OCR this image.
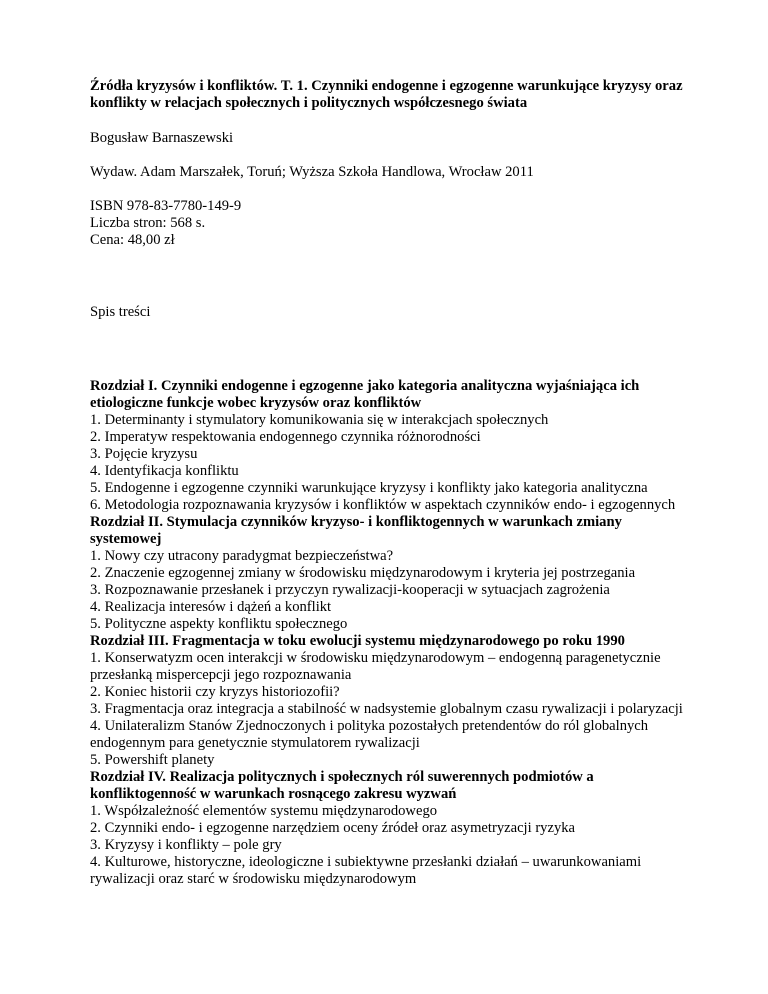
Źródła kryzysów i konfliktów. T. 1. Czynniki endogenne i egzogenne warunkujące kryzysy oraz konflikty w relacjach społecznych i politycznych współczesnego świata

Bogusław Barnaszewski

Wydaw. Adam Marszałek, Toruń; Wyższa Szkoła Handlowa, Wrocław 2011

ISBN 978-83-7780-149-9
Liczba stron: 568 s.
Cena: 48,00 zł

Spis treści

Rozdział I. Czynniki endogenne i egzogenne jako kategoria analityczna wyjaśniająca ich etiologiczne funkcje wobec kryzysów oraz konfliktów

1. Determinanty i stymulatory komunikowania się w interakcjach społecznych

2. Imperatyw respektowania endogennego czynnika różnorodności

3. Pojęcie kryzysu

4. Identyfikacja konfliktu

5. Endogenne i egzogenne czynniki warunkujące kryzysy i konflikty jako kategoria analityczna

6. Metodologia rozpoznawania kryzysów i konfliktów w aspektach czynników endo- i egzogennych

Rozdział II. Stymulacja czynników kryzyso- i konfliktogennych w warunkach zmiany systemowej

1. Nowy czy utracony paradygmat bezpieczeństwa?

2. Znaczenie egzogennej zmiany w środowisku międzynarodowym i kryteria jej postrzegania

3. Rozpoznawanie przesłanek i przyczyn rywalizacji-kooperacji w sytuacjach zagrożenia

4. Realizacja interesów i dążeń a konflikt

5. Polityczne aspekty konfliktu społecznego

Rozdział III. Fragmentacja w toku ewolucji systemu międzynarodowego po roku 1990

1. Konserwatyzm ocen interakcji w środowisku międzynarodowym – endogenną paragenetycznie przesłanką mispercepcji jego rozpoznawania

2. Koniec historii czy kryzys historiozofii?

3. Fragmentacja oraz integracja a stabilność w nadsystemie globalnym czasu rywalizacji i polaryzacji

4. Unilateralizm Stanów Zjednoczonych i polityka pozostałych pretendentów do ról globalnych endogennym para genetycznie stymulatorem rywalizacji

5. Powershift planety

Rozdział IV. Realizacja politycznych i społecznych ról suwerennych podmiotów a konfliktogenność w warunkach rosnącego zakresu wyzwań

1. Współzależność elementów systemu międzynarodowego

2. Czynniki endo- i egzogenne narzędziem oceny źródeł oraz asymetryzacji ryzyka

3. Kryzysy i konflikty – pole gry

4. Kulturowe, historyczne, ideologiczne i subiektywne przesłanki działań – uwarunkowaniami rywalizacji oraz starć w środowisku międzynarodowym
